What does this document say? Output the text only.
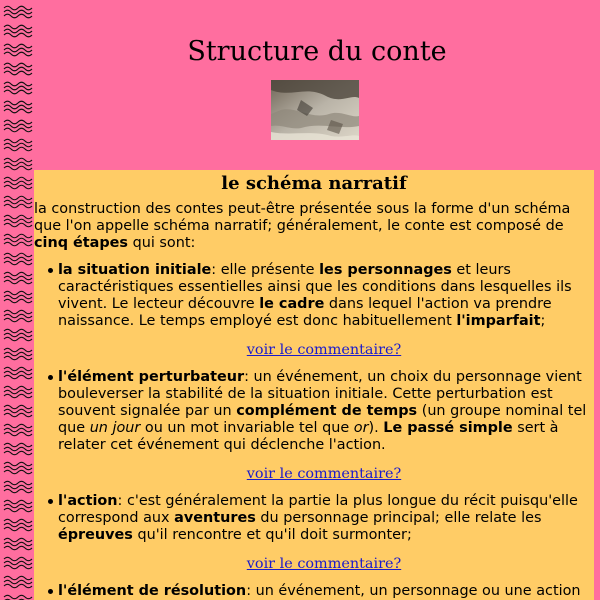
Structure du conte
le schéma narratif

la construction des contes peut-être présentée sous la forme d'un schéma que l'on appelle schéma narratif; généralement, le conte est composé de cinq étapes qui sont:

la situation initiale: elle présente les personnages et leurs caractéristiques essentielles ainsi que les conditions dans lesquelles ils vivent. Le lecteur découvre le cadre dans lequel l'action va prendre naissance. Le temps employé est donc habituellement l'imparfait;
voir le commentaire?
l'élément perturbateur: un événement, un choix du personnage vient bouleverser la stabilité de la situation initiale. Cette perturbation est souvent signalée par un complément de temps (un groupe nominal tel que un jour ou un mot invariable tel que or). Le passé simple sert à relater cet événement qui déclenche l'action.
voir le commentaire?
l'action: c'est généralement la partie la plus longue du récit puisqu'elle correspond aux aventures du personnage principal; elle relate les épreuves qu'il rencontre et qu'il doit surmonter;
voir le commentaire?
l'élément de résolution: un événement, un personnage ou une action
